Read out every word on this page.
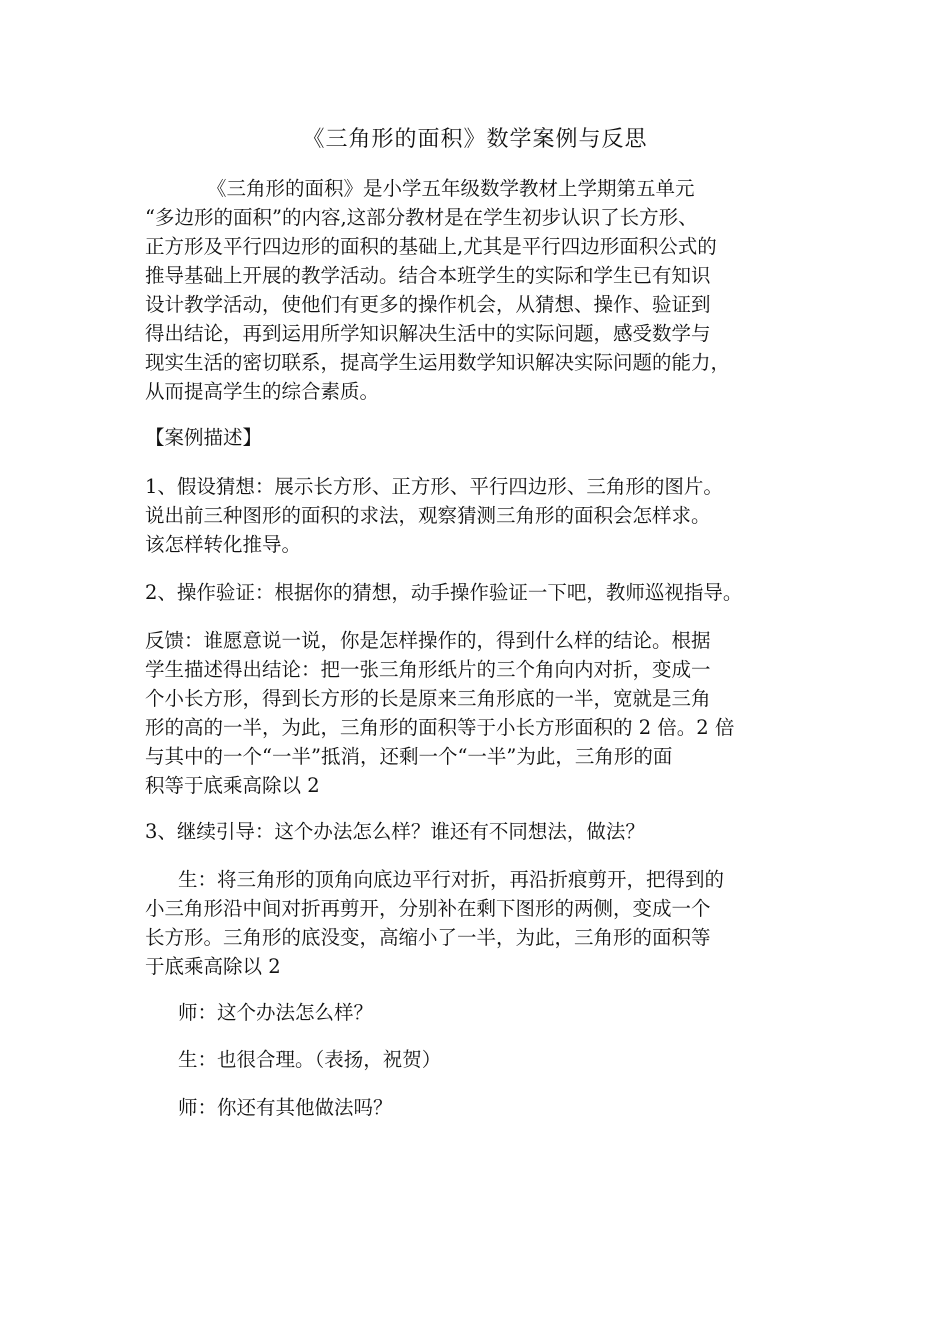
《三角形的面积》数学案例与反思
《三角形的面积》是小学五年级数学教材上学期第五单元
“多边形的面积”的内容,这部分教材是在学生初步认识了长方形、
正方形及平行四边形的面积的基础上,尤其是平行四边形面积公式的
推导基础上开展的教学活动。结合本班学生的实际和学生已有知识
设计教学活动，使他们有更多的操作机会，从猜想、操作、验证到
得出结论，再到运用所学知识解决生活中的实际问题，感受数学与
现实生活的密切联系，提高学生运用数学知识解决实际问题的能力，
从而提高学生的综合素质。
【案例描述】
1、假设猜想：展示长方形、正方形、平行四边形、三角形的图片。
说出前三种图形的面积的求法，观察猜测三角形的面积会怎样求。
该怎样转化推导。
2、操作验证：根据你的猜想，动手操作验证一下吧，教师巡视指导。
反馈：谁愿意说一说，你是怎样操作的，得到什么样的结论。根据
学生描述得出结论：把一张三角形纸片的三个角向内对折，变成一
个小长方形，得到长方形的长是原来三角形底的一半，宽就是三角
形的高的一半，为此，三角形的面积等于小长方形面积的 2 倍。2 倍
与其中的一个“一半”抵消，还剩一个“一半”为此，三角形的面
积等于底乘高除以 2
3、继续引导：这个办法怎么样？谁还有不同想法，做法？
生：将三角形的顶角向底边平行对折，再沿折痕剪开，把得到的
小三角形沿中间对折再剪开，分别补在剩下图形的两侧，变成一个
长方形。三角形的底没变，高缩小了一半，为此，三角形的面积等
于底乘高除以 2
师：这个办法怎么样？
生：也很合理。（表扬，祝贺）
师：你还有其他做法吗？
